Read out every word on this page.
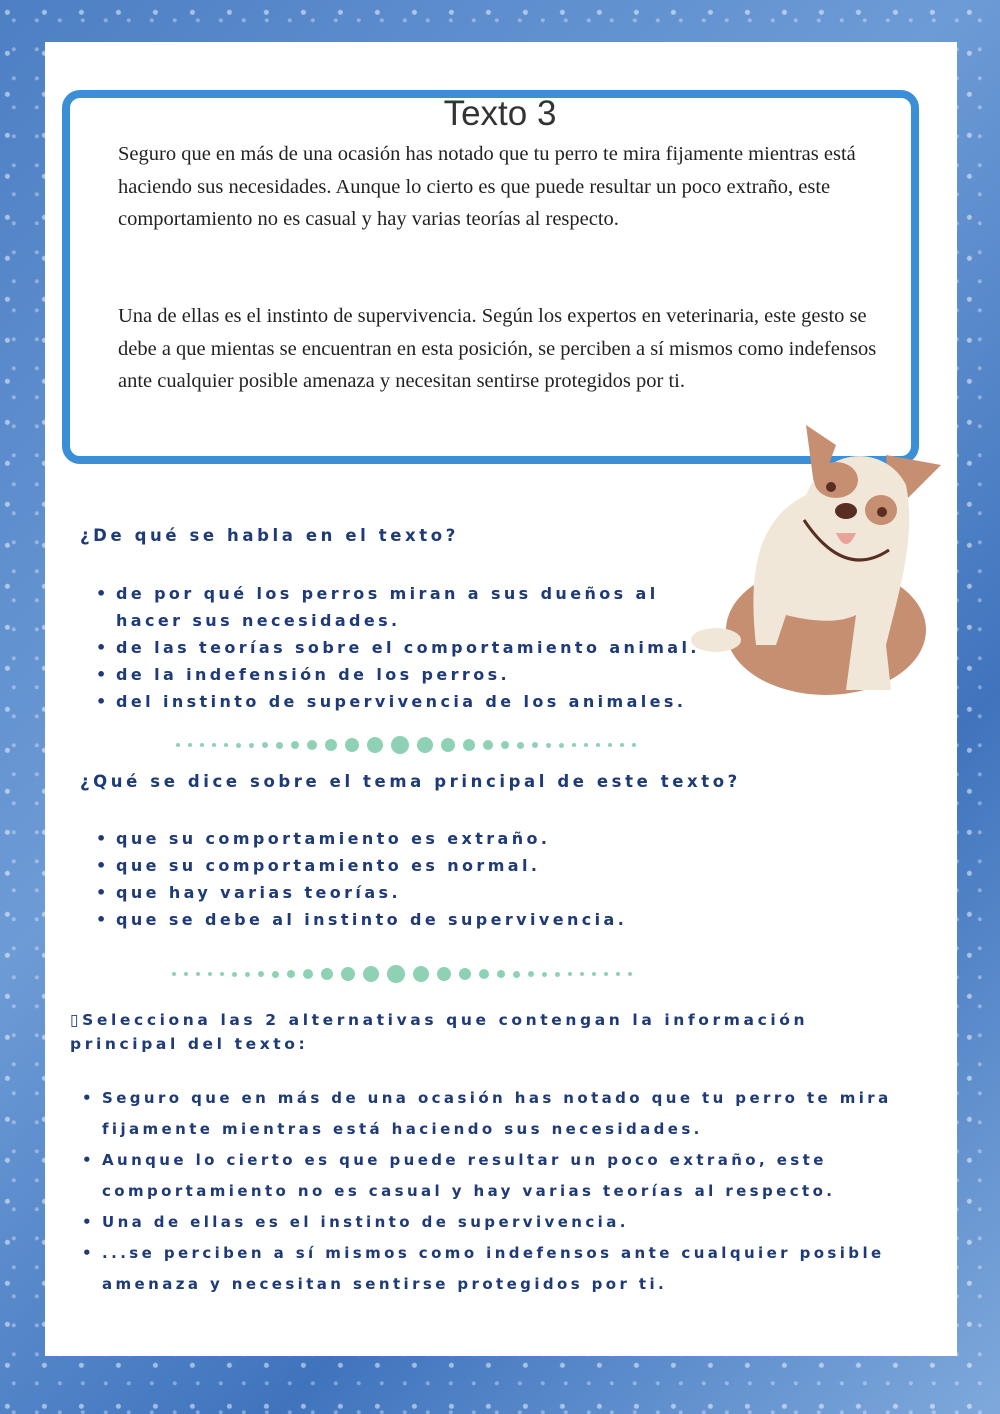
Texto 3

Seguro que en más de una ocasión has notado que tu perro te mira fijamente mientras está haciendo sus necesidades. Aunque lo cierto es que puede resultar un poco extraño, este comportamiento no es casual y hay varias teorías al respecto.

Una de ellas es el instinto de supervivencia. Según los expertos en veterinaria, este gesto se debe a que mientas se encuentran en esta posición, se perciben a sí mismos como indefensos ante cualquier posible amenaza y necesitan sentirse protegidos por ti.

¿De qué se habla en el texto?

• de por qué los perros miran a sus dueños al hacer sus necesidades.
• de las teorías sobre el comportamiento animal.
• de la indefensión de los perros.
• del instinto de supervivencia de los animales.

¿Qué se dice sobre el tema principal de este texto?

• que su comportamiento es extraño.
• que su comportamiento es normal.
• que hay varias teorías.
• que se debe al instinto de supervivencia.

▯Selecciona las 2 alternativas que contengan la información principal del texto:

• Seguro que en más de una ocasión has notado que tu perro te mira fijamente mientras está haciendo sus necesidades.
• Aunque lo cierto es que puede resultar un poco extraño, este comportamiento no es casual y hay varias teorías al respecto.
• Una de ellas es el instinto de supervivencia.
• ...se perciben a sí mismos como indefensos ante cualquier posible amenaza y necesitan sentirse protegidos por ti.
